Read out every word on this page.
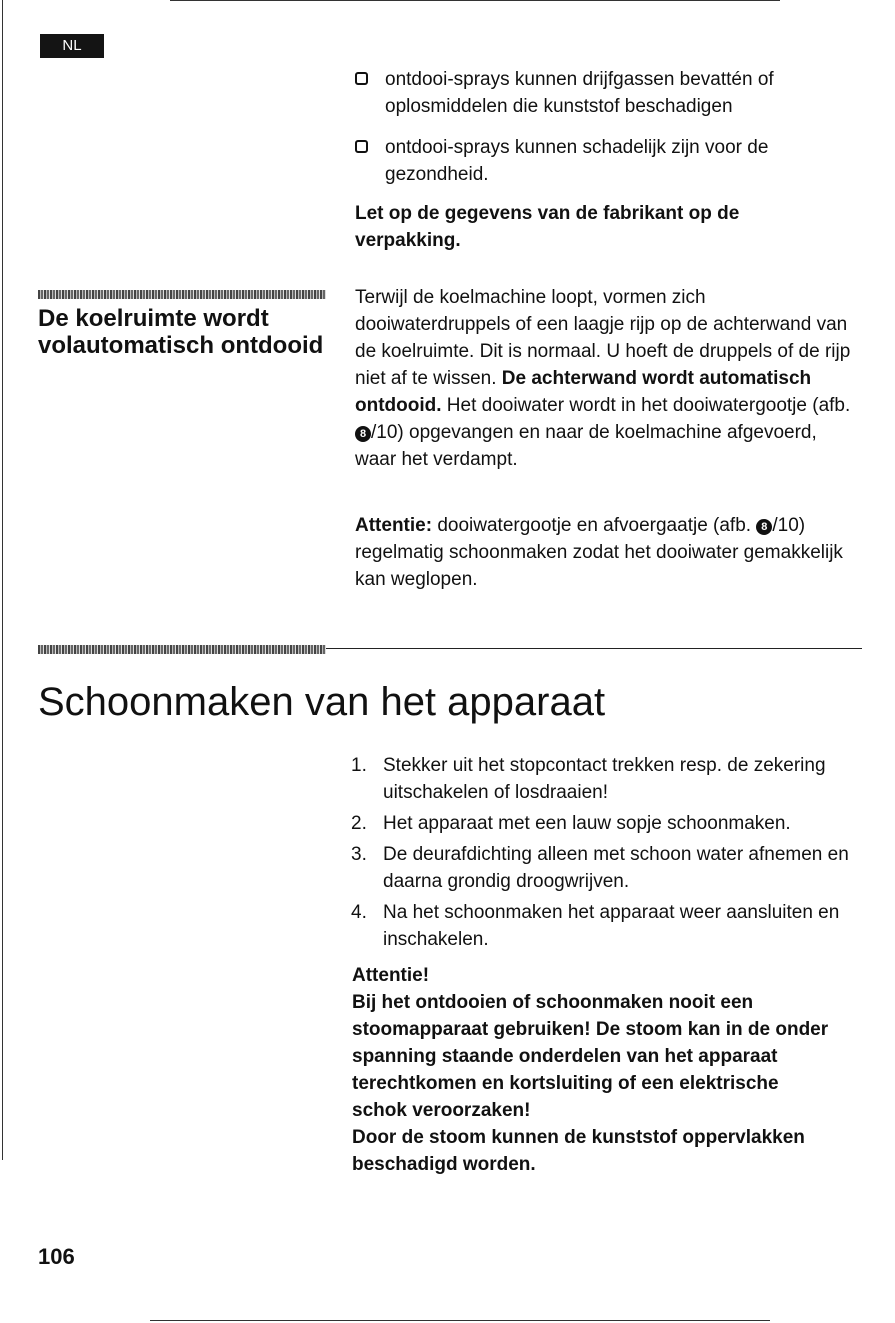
NL
ontdooi-sprays kunnen drijfgassen bevattén of oplosmiddelen die kunststof beschadigen
ontdooi-sprays kunnen schadelijk zijn voor de gezondheid.
Let op de gegevens van de fabrikant op de verpakking.
De koelruimte wordt volautomatisch ontdooid
Terwijl de koelmachine loopt, vormen zich dooiwaterdruppels of een laagje rijp op de achterwand van de koelruimte. Dit is normaal. U hoeft de druppels of de rijp niet af te wissen. De achterwand wordt automatisch ontdooid. Het dooiwater wordt in het dooiwatergootje (afb. 8 /10) opgevangen en naar de koelmachine afgevoerd, waar het verdampt.
Attentie: dooiwatergootje en afvoergaatje (afb. 8 /10) regelmatig schoonmaken zodat het dooiwater gemakkelijk kan weglopen.
Schoonmaken van het apparaat
1. Stekker uit het stopcontact trekken resp. de zekering uitschakelen of losdraaien!
2. Het apparaat met een lauw sopje schoonmaken.
3. De deurafdichting alleen met schoon water afnemen en daarna grondig droogwrijven.
4. Na het schoonmaken het apparaat weer aansluiten en inschakelen.
Attentie!
Bij het ontdooien of schoonmaken nooit een stoomapparaat gebruiken! De stoom kan in de onder spanning staande onderdelen van het apparaat terechtkomen en kortsluiting of een elektrische schok veroorzaken!
Door de stoom kunnen de kunststof oppervlakken beschadigd worden.
106
